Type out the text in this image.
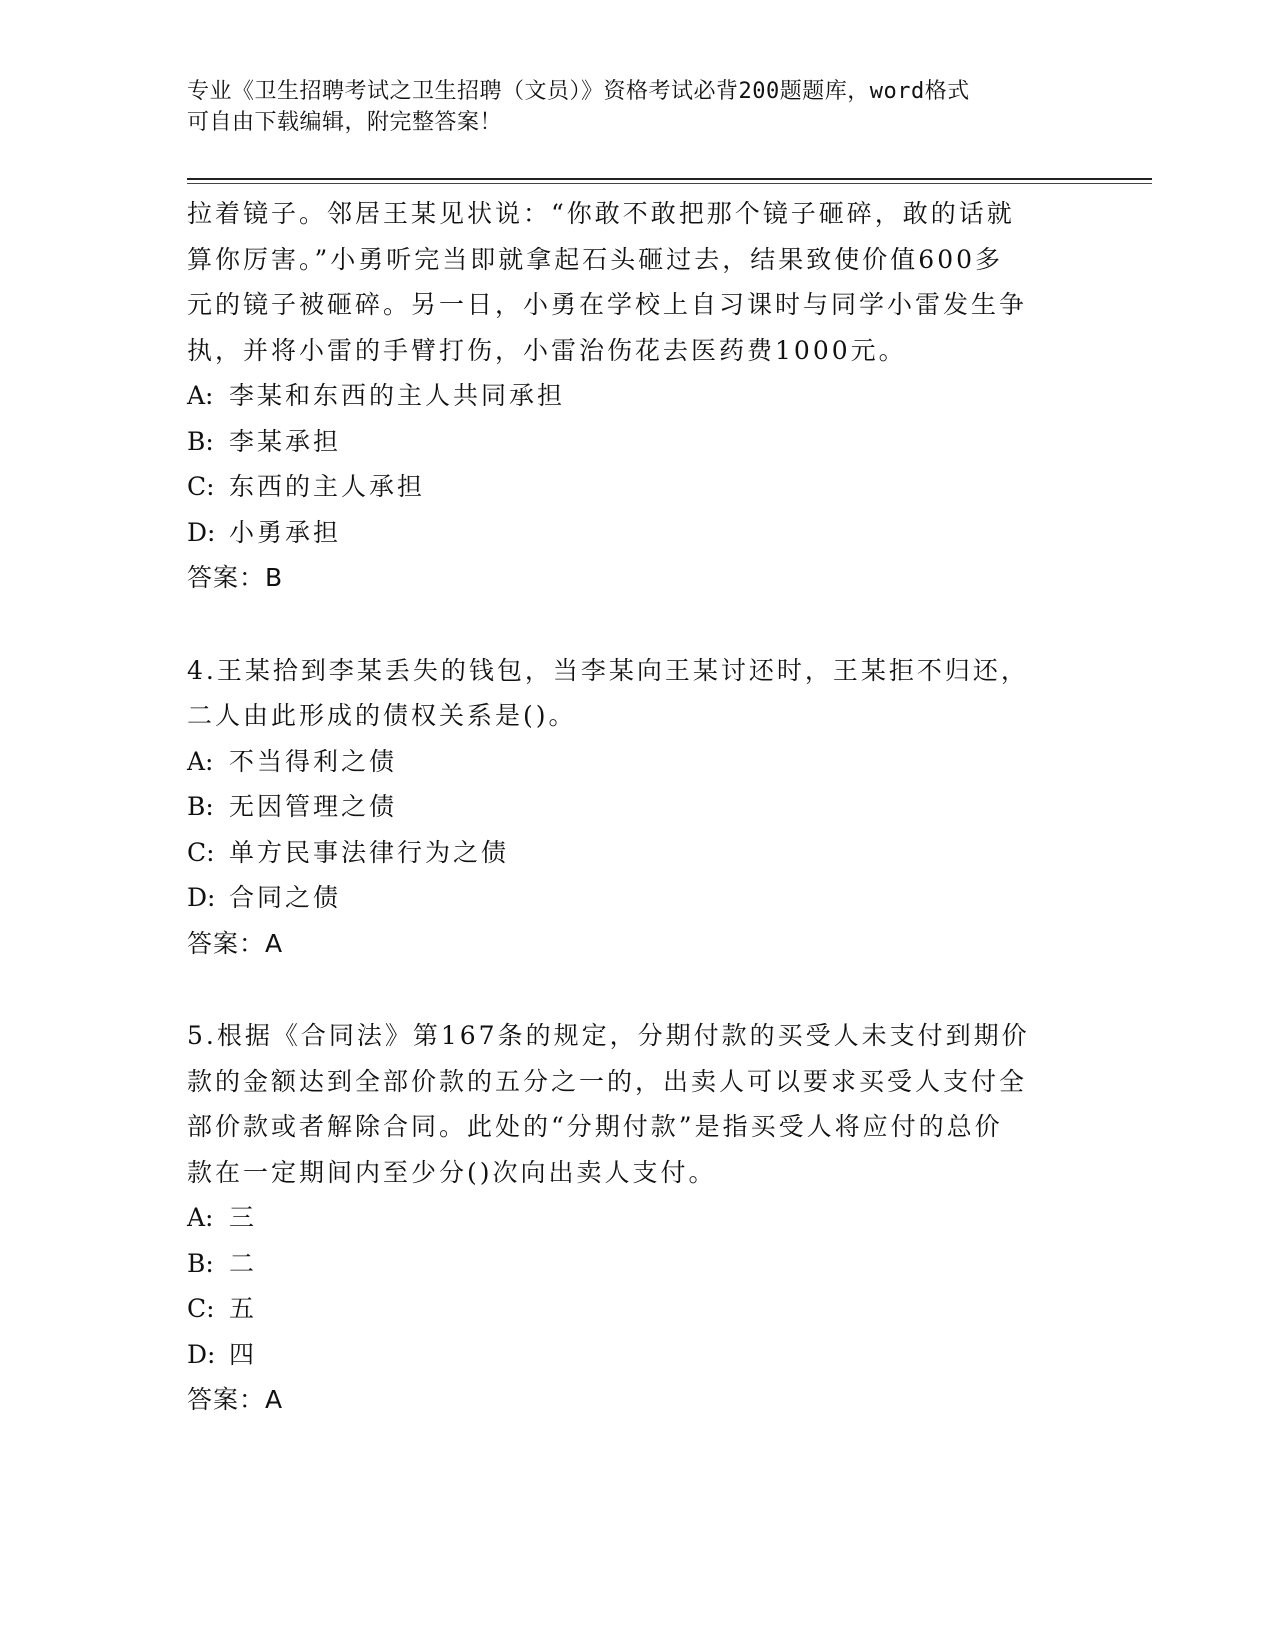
专业《卫生招聘考试之卫生招聘（文员）》资格考试必背200题题库，word格式
可自由下载编辑，附完整答案！

拉着镜子。邻居王某见状说：“你敢不敢把那个镜子砸碎，敢的话就

算你厉害。”小勇听完当即就拿起石头砸过去，结果致使价值600多

元的镜子被砸碎。另一日，小勇在学校上自习课时与同学小雷发生争

执，并将小雷的手臂打伤，小雷治伤花去医药费1000元。

A: 李某和东西的主人共同承担

B: 李某承担

C: 东西的主人承担

D: 小勇承担

答案：B

4.王某拾到李某丢失的钱包，当李某向王某讨还时，王某拒不归还，

二人由此形成的债权关系是()。

A: 不当得利之债

B: 无因管理之债

C: 单方民事法律行为之债

D: 合同之债

答案：A

5.根据《合同法》第167条的规定，分期付款的买受人未支付到期价

款的金额达到全部价款的五分之一的，出卖人可以要求买受人支付全

部价款或者解除合同。此处的“分期付款”是指买受人将应付的总价

款在一定期间内至少分()次向出卖人支付。

A: 三

B: 二

C: 五

D: 四

答案：A
